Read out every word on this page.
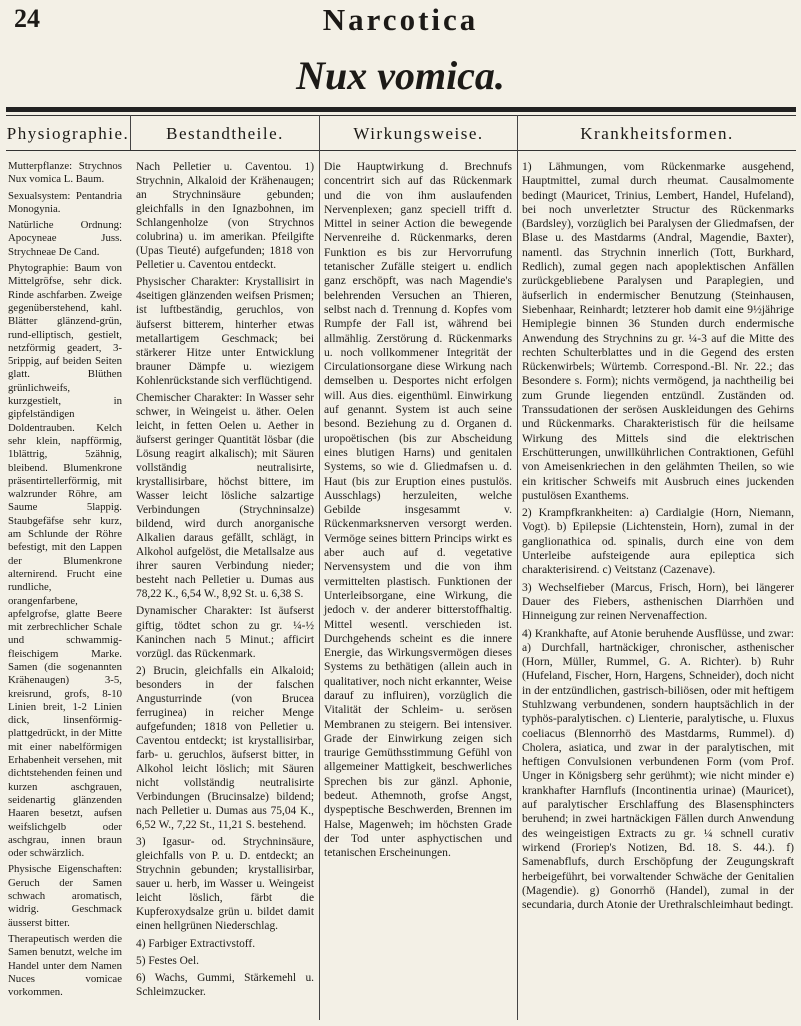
24	Narcotica
Nux vomica.
Physiographie.	Bestandtheile.	Wirkungsweise.	Krankheitsformen.

Mutterpflanze: Strychnos Nux vomica L. Baum.

Sexualsystem: Pentandria Monogynia.

Natürliche Ordnung: Apocyneae Juss. Strychneae De Cand.

Phytographie: Baum von Mittelgröfse, sehr dick. Rinde aschfarben. Zweige gegenüberstehend, kahl. Blätter glänzend-grün, rund-elliptisch, gestielt, netzförmig geadert, 3-5rippig, auf beiden Seiten glatt. Blüthen grünlichweifs, kurzgestielt, in gipfelständigen Doldentrauben. Kelch sehr klein, napfförmig, 1blättrig, 5zähnig, bleibend. Blumenkrone präsentirtellerförmig, mit walzrunder Röhre, am Saume 5lappig. Staubgefäfse sehr kurz, am Schlunde der Röhre befestigt, mit den Lappen der Blumenkrone alternirend. Frucht eine rundliche, orangenfarbene, apfelgrofse, glatte Beere mit zerbrechlicher Schale und schwammig-fleischigem Marke. Samen (die sogenannten Krähenaugen) 3-5, kreisrund, grofs, 8-10 Linien breit, 1-2 Linien dick, linsenförmig-plattgedrückt, in der Mitte mit einer nabelförmigen Erhabenheit versehen, mit dichtstehenden feinen und kurzen aschgrauen, seidenartig glänzenden Haaren besetzt, aufsen weifslichgelb oder aschgrau, innen braun oder schwärzlich.

Physische Eigenschaften: Geruch der Samen schwach aromatisch, widrig. Geschmack äusserst bitter.

Therapeutisch werden die Samen benutzt, welche im Handel unter dem Namen Nuces vomicae vorkommen.

Nach Pelletier u. Caventou. 1) Strychnin, Alkaloid der Krähenaugen; an Strychninsäure gebunden; gleichfalls in den Ignazbohnen, im Schlangenholze (von Strychnos colubrina) u. im amerikan. Pfeilgifte (Upas Tieuté) aufgefunden; 1818 von Pelletier u. Caventou entdeckt.

Physischer Charakter: Krystallisirt in 4seitigen glänzenden weifsen Prismen; ist luftbeständig, geruchlos, von äufserst bitterem, hinterher etwas metallartigem Geschmack; bei stärkerer Hitze unter Entwicklung brauner Dämpfe u. wiezigem Kohlenrückstande sich verflüchtigend.

Chemischer Charakter: In Wasser sehr schwer, in Weingeist u. äther. Oelen leicht, in fetten Oelen u. Aether in äufserst geringer Quantität lösbar (die Lösung reagirt alkalisch); mit Säuren vollständig neutralisirte, krystallisirbare, höchst bittere, im Wasser leicht lösliche salzartige Verbindungen (Strychninsalze) bildend, wird durch anorganische Alkalien daraus gefällt, schlägt, in Alkohol aufgelöst, die Metallsalze aus ihrer sauren Verbindung nieder; besteht nach Pelletier u. Dumas aus 78,22 K., 6,54 W., 8,92 St. u. 6,38 S.

Dynamischer Charakter: Ist äufserst giftig, tödtet schon zu gr. ¼-½ Kaninchen nach 5 Minut.; afficirt vorzügl. das Rückenmark.

2) Brucin, gleichfalls ein Alkaloid; besonders in der falschen Angusturrinde (von Brucea ferruginea) in reicher Menge aufgefunden; 1818 von Pelletier u. Caventou entdeckt; ist krystallisirbar, farb- u. geruchlos, äufserst bitter, in Alkohol leicht löslich; mit Säuren nicht vollständig neutralisirte Verbindungen (Brucinsalze) bildend; nach Pelletier u. Dumas aus 75,04 K., 6,52 W., 7,22 St., 11,21 S. bestehend.

3) Igasur- od. Strychninsäure, gleichfalls von P. u. D. entdeckt; an Strychnin gebunden; krystallisirbar, sauer u. herb, im Wasser u. Weingeist leicht löslich, färbt die Kupferoxydsalze grün u. bildet damit einen hellgrünen Niederschlag.

4) Farbiger Extractivstoff.

5) Festes Oel.

6) Wachs, Gummi, Stärkemehl u. Schleimzucker.

Die Hauptwirkung d. Brechnufs concentrirt sich auf das Rückenmark und die von ihm auslaufenden Nervenplexen; ganz speciell trifft d. Mittel in seiner Action die bewegende Nervenreihe d. Rückenmarks, deren Funktion es bis zur Hervorrufung tetanischer Zufälle steigert u. endlich ganz erschöpft, was nach Magendie's belehrenden Versuchen an Thieren, selbst nach d. Trennung d. Kopfes vom Rumpfe der Fall ist, während bei allmählig. Zerstörung d. Rückenmarks u. noch vollkommener Integrität der Circulationsorgane diese Wirkung nach demselben u. Desportes nicht erfolgen will. Aus dies. eigenthüml. Einwirkung auf genannt. System ist auch seine besond. Beziehung zu d. Organen d. uropoëtischen (bis zur Abscheidung eines blutigen Harns) und genitalen Systems, so wie d. Gliedmafsen u. d. Haut (bis zur Eruption eines pustulös. Ausschlags) herzuleiten, welche Gebilde insgesammt v. Rückenmarksnerven versorgt werden. Vermöge seines bittern Princips wirkt es aber auch auf d. vegetative Nervensystem und die von ihm vermittelten plastisch. Funktionen der Unterleibsorgane, eine Wirkung, die jedoch v. der anderer bitterstoffhaltig. Mittel wesentl. verschieden ist. Durchgehends scheint es die innere Energie, das Wirkungsvermögen dieses Systems zu bethätigen (allein auch in qualitativer, noch nicht erkannter, Weise darauf zu influiren), vorzüglich die Vitalität der Schleim- u. serösen Membranen zu steigern. Bei intensiver. Grade der Einwirkung zeigen sich traurige Gemüthsstimmung Gefühl von allgemeiner Mattigkeit, beschwerliches Sprechen bis zur gänzl. Aphonie, bedeut. Athemnoth, grofse Angst, dyspeptische Beschwerden, Brennen im Halse, Magenweh; im höchsten Grade der Tod unter asphyctischen und tetanischen Erscheinungen.

1) Lähmungen, vom Rückenmarke ausgehend, Hauptmittel, zumal durch rheumat. Causalmomente bedingt (Mauricet, Trinius, Lembert, Handel, Hufeland), bei noch unverletzter Structur des Rückenmarks (Bardsley), vorzüglich bei Paralysen der Gliedmafsen, der Blase u. des Mastdarms (Andral, Magendie, Baxter), namentl. das Strychnin innerlich (Tott, Burkhard, Redlich), zumal gegen nach apoplektischen Anfällen zurückgebliebene Paralysen und Paraplegien, und äufserlich in endermischer Benutzung (Steinhausen, Siebenhaar, Reinhardt; letzterer hob damit eine 9½jährige Hemiplegie binnen 36 Stunden durch endermische Anwendung des Strychnins zu gr. ¼-3 auf die Mitte des rechten Schulterblattes und in die Gegend des ersten Rückenwirbels; Würtemb. Correspond.-Bl. Nr. 22.; das Besondere s. Form); nichts vermögend, ja nachtheilig bei zum Grunde liegenden entzündl. Zuständen od. Transsudationen der serösen Auskleidungen des Gehirns und Rückenmarks. Charakteristisch für die heilsame Wirkung des Mittels sind die elektrischen Erschütterungen, unwillkührlichen Contraktionen, Gefühl von Ameisenkriechen in den gelähmten Theilen, so wie ein kritischer Schweifs mit Ausbruch eines juckenden pustulösen Exanthems.

2) Krampfkrankheiten: a) Cardialgie (Horn, Niemann, Vogt). b) Epilepsie (Lichtenstein, Horn), zumal in der ganglioпathica od. spinalis, durch eine von dem Unterleibe aufsteigende aura epileptica sich charakterisirend. c) Veitstanz (Cazenave).

3) Wechselfieber (Marcus, Frisch, Horn), bei längerer Dauer des Fiebers, asthenischen Diarrhöen und Hinneigung zur reinen Nervenaffection.

4) Krankhafte, auf Atonie beruhende Ausflüsse, und zwar: a) Durchfall, hartnäckiger, chronischer, asthenischer (Horn, Müller, Rummel, G. A. Richter). b) Ruhr (Hufeland, Fischer, Horn, Hargens, Schneider), doch nicht in der entzündlichen, gastrisch-biliösen, oder mit heftigem Stuhlzwang verbundenen, sondern hauptsächlich in der typhös-paralytischen. c) Lienterie, paralytische, u. Fluxus coeliacus (Blennorrhö des Mastdarms, Rummel). d) Cholera, asiatica, und zwar in der paralytischen, mit heftigen Convulsionen verbundenen Form (vom Prof. Unger in Königsberg sehr gerühmt); wie nicht minder e) krankhafter Harnflufs (Incontinentia urinae) (Mauricet), auf paralytischer Erschlaffung des Blasensphincters beruhend; in zwei hartnäckigen Fällen durch Anwendung des weingeistigen Extracts zu gr. ¼ schnell curativ wirkend (Froriep's Notizen, Bd. 18. S. 44.). f) Samenabflufs, durch Erschöpfung der Zeugungskraft herbeigeführt, bei vorwaltender Schwäche der Genitalien (Magendie). g) Gonorrhö (Handel), zumal in der secundaria, durch Atonie der Urethralschleimhaut bedingt.
